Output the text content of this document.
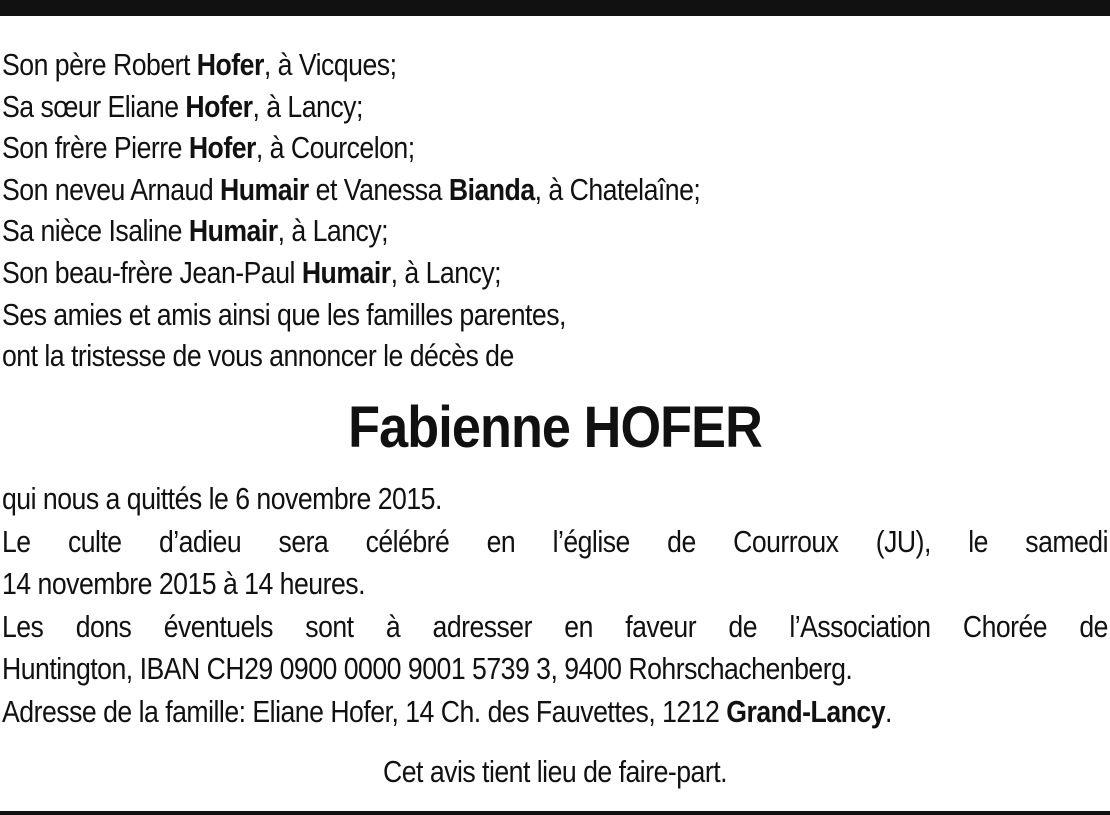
Son père Robert Hofer, à Vicques;
Sa sœur Eliane Hofer, à Lancy;
Son frère Pierre Hofer, à Courcelon;
Son neveu Arnaud Humair et Vanessa Bianda, à Chatelaîne;
Sa nièce Isaline Humair, à Lancy;
Son beau-frère Jean-Paul Humair, à Lancy;
Ses amies et amis ainsi que les familles parentes,
ont la tristesse de vous annoncer le décès de
Fabienne HOFER
qui nous a quittés le 6 novembre 2015.
Le culte d’adieu sera célébré en l’église de Courroux (JU), le samedi
14 novembre 2015 à 14 heures.
Les dons éventuels sont à adresser en faveur de l’Association Chorée de
Huntington, IBAN CH29 0900 0000 9001 5739 3, 9400 Rohrschachenberg.
Adresse de la famille: Eliane Hofer, 14 Ch. des Fauvettes, 1212 Grand-Lancy.
Cet avis tient lieu de faire-part.
